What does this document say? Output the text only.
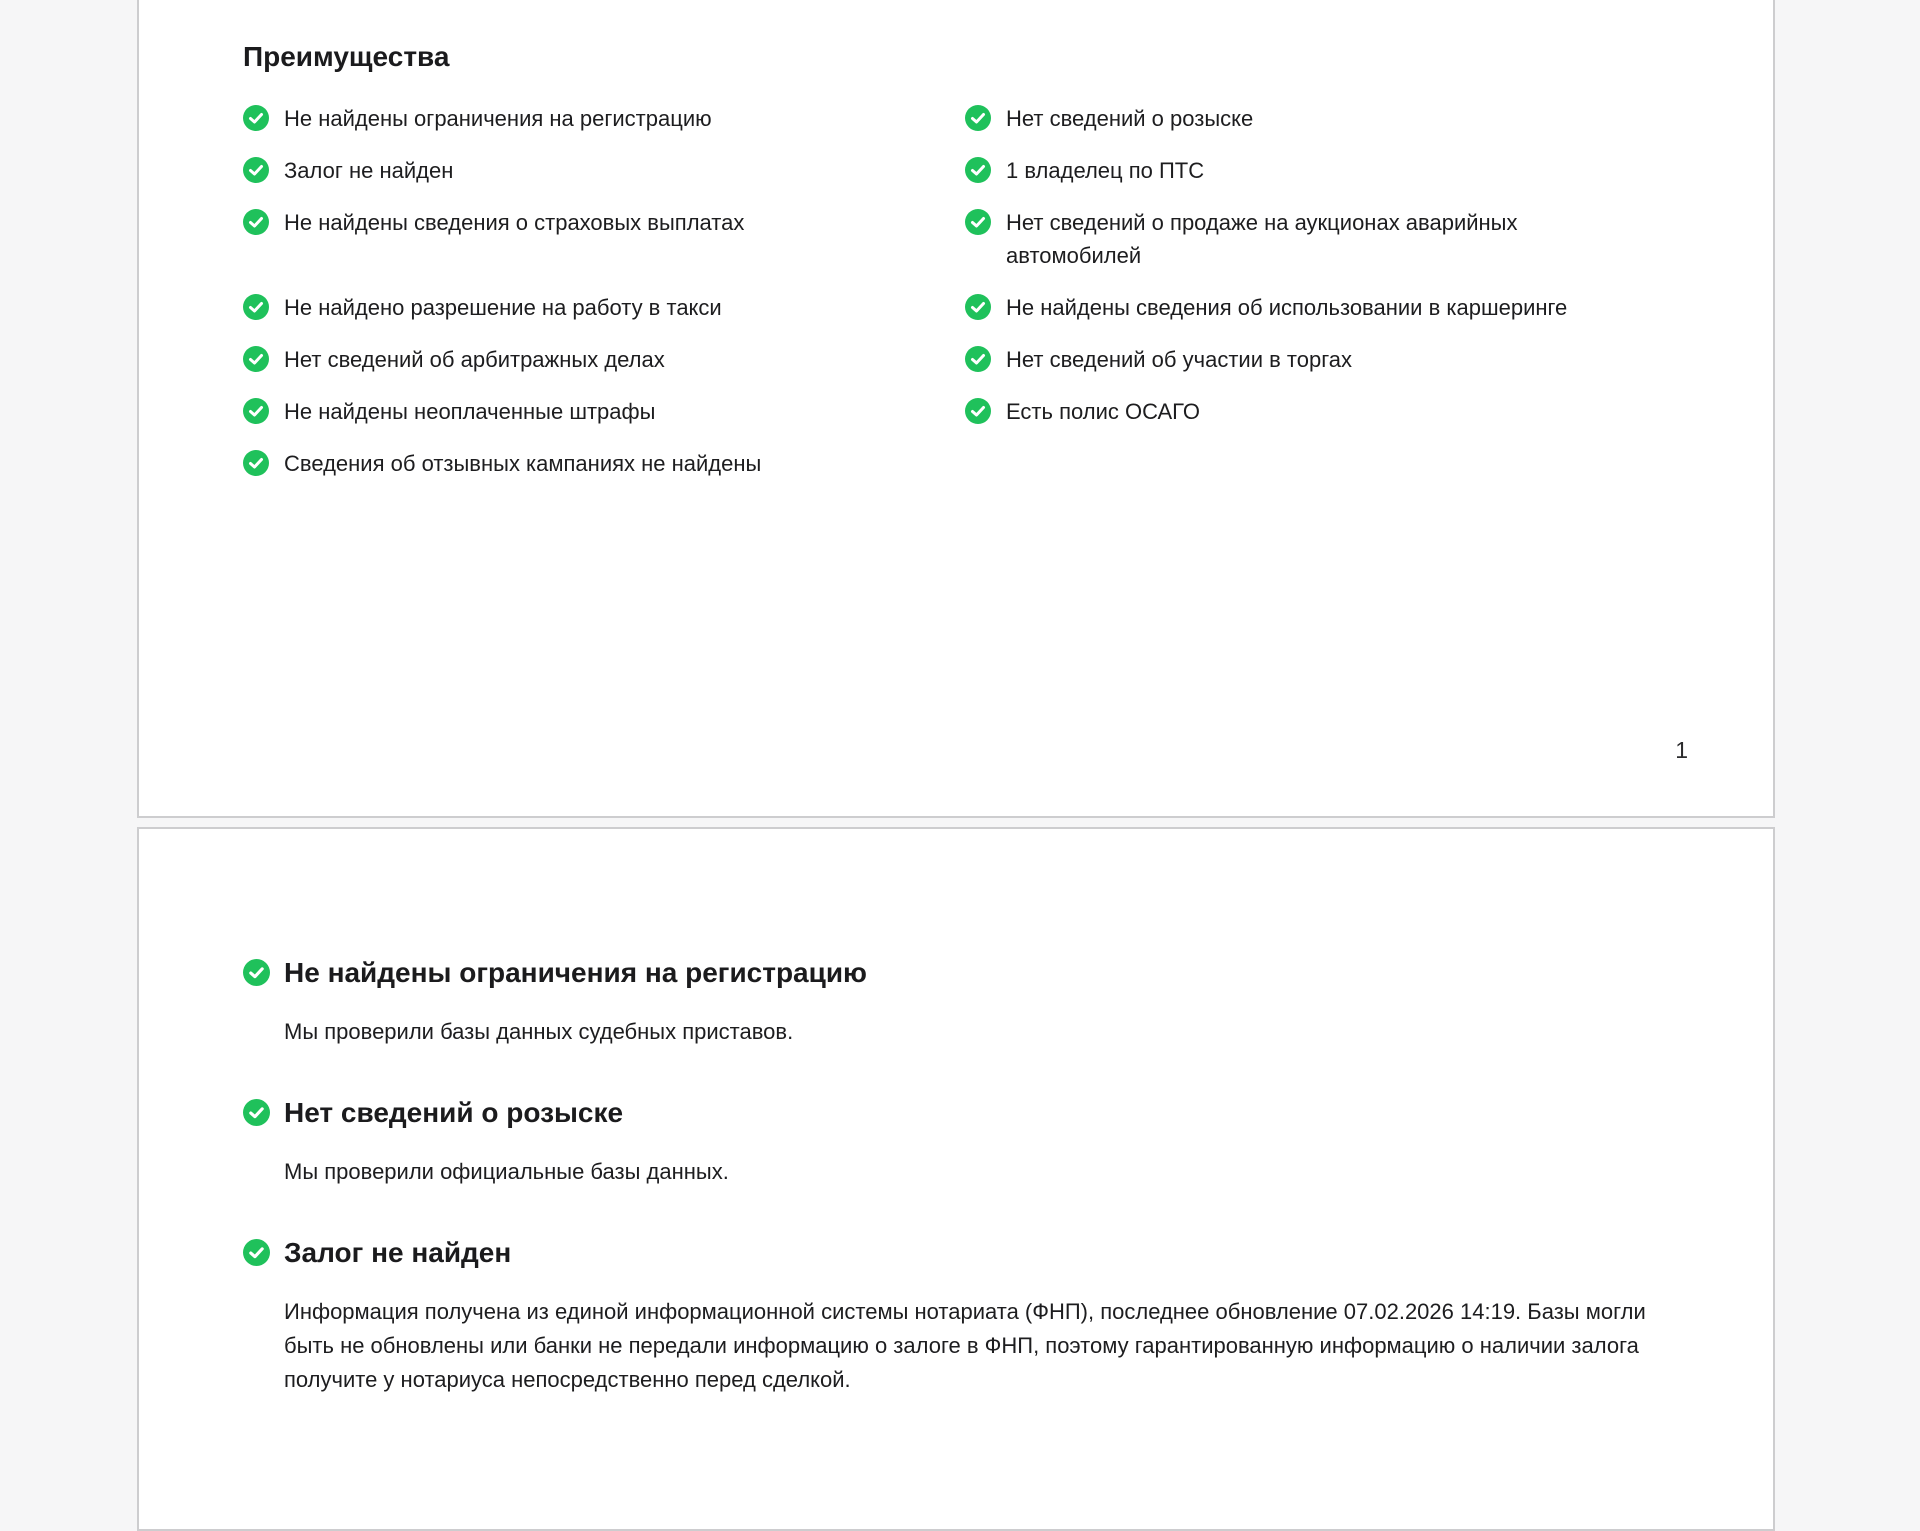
Преимущества
Не найдены ограничения на регистрацию	Нет сведений о розыске
Залог не найден	1 владелец по ПТС
Не найдены сведения о страховых выплатах	Нет сведений о продаже на аукционах аварийных автомобилей
Не найдено разрешение на работу в такси	Не найдены сведения об использовании в каршеринге
Нет сведений об арбитражных делах	Нет сведений об участии в торгах
Не найдены неоплаченные штрафы	Есть полис ОСАГО
Сведения об отзывных кампаниях не найдены
1
Не найдены ограничения на регистрацию

Мы проверили базы данных судебных приставов.

Нет сведений о розыске

Мы проверили официальные базы данных.

Залог не найден

Информация получена из единой информационной системы нотариата (ФНП), последнее обновление 07.02.2026 14:19. Базы могли быть не обновлены или банки не передали информацию о залоге в ФНП, поэтому гарантированную информацию о наличии залога получите у нотариуса непосредственно перед сделкой.
